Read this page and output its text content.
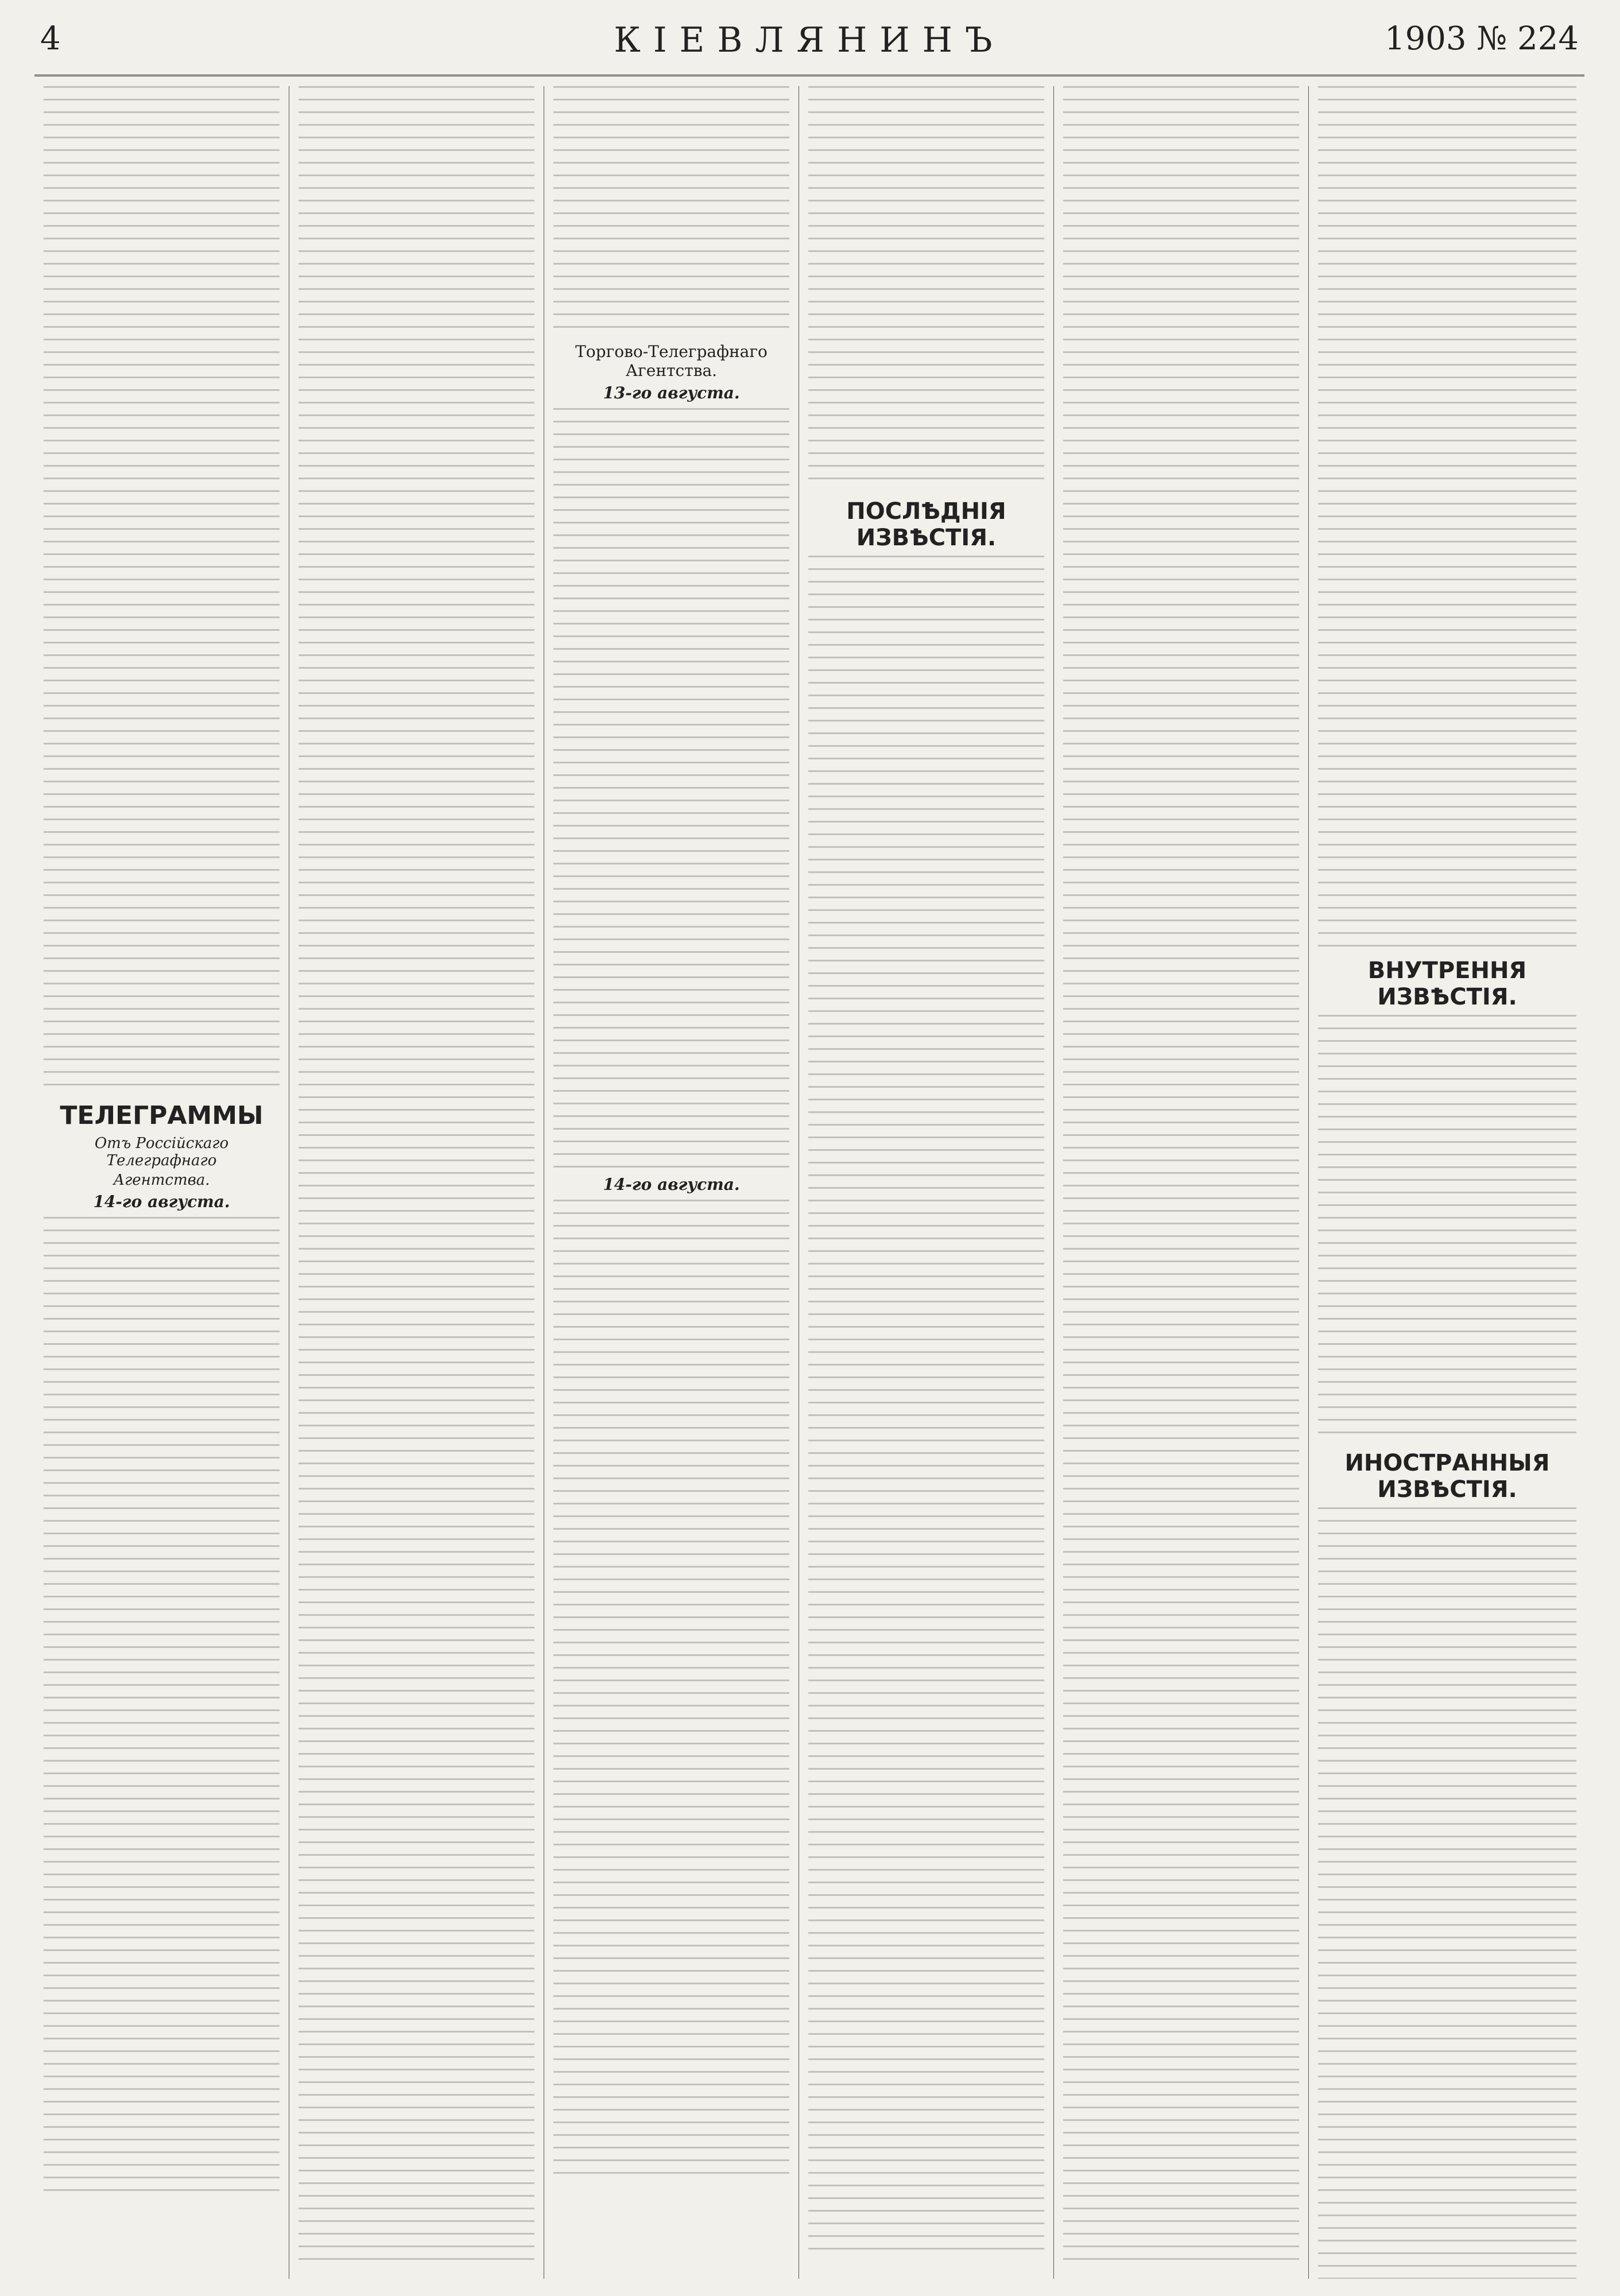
4	КІЕВЛЯНИНЪ	1903 № 224
ТЕЛЕГРАММЫ
Отъ Россійскаго Телеграфнаго
Агентства.
14-го августа.
Торгово-Телеграфнаго Агентства.
13-го августа.
14-го августа.
ПОСЛѢДНІЯ ИЗВѢСТІЯ.
ВНУТРЕННЯ ИЗВѢСТІЯ.
ИНОСТРАННЫЯ ИЗВѢСТІЯ.
